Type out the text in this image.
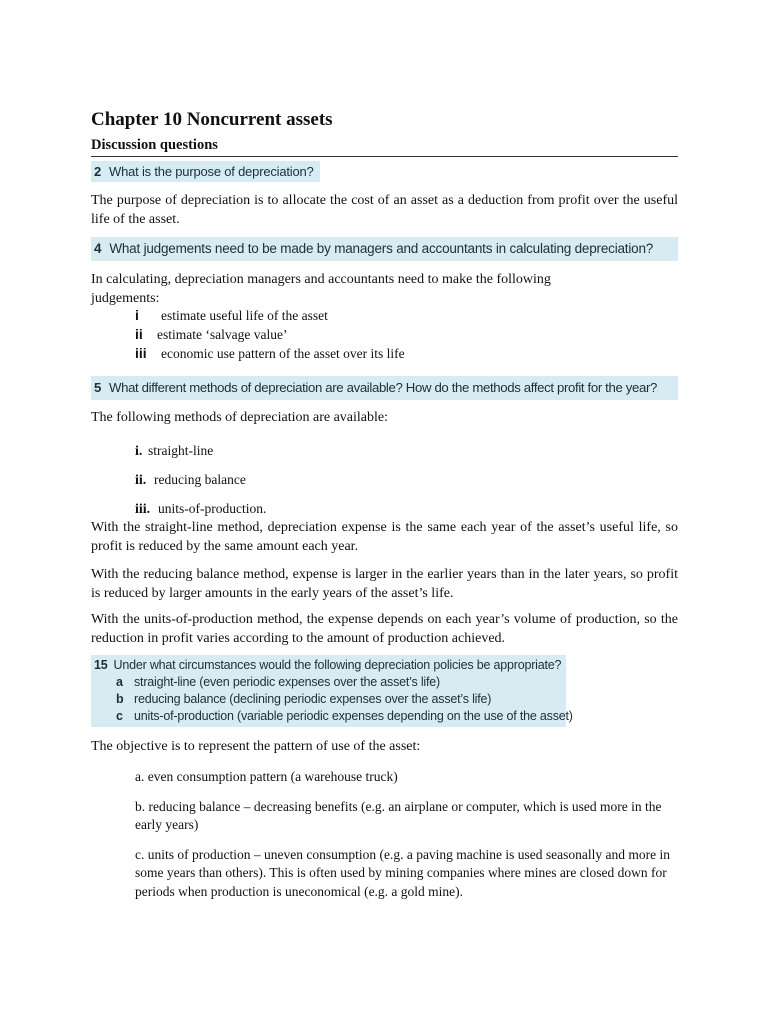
Chapter 10 Noncurrent assets
Discussion questions
2 What is the purpose of depreciation?
The purpose of depreciation is to allocate the cost of an asset as a deduction from profit over the useful life of the asset.
4 What judgements need to be made by managers and accountants in calculating depreciation?
In calculating, depreciation managers and accountants need to make the following
judgements:
i estimate useful life of the asset
ii estimate ‘salvage value’
iii economic use pattern of the asset over its life
5 What different methods of depreciation are available? How do the methods affect profit for the year?
The following methods of depreciation are available:
i. straight-line
ii. reducing balance
iii. units-of-production.
With the straight-line method, depreciation expense is the same each year of the asset’s useful life, so profit is reduced by the same amount each year.
With the reducing balance method, expense is larger in the earlier years than in the later years, so profit is reduced by larger amounts in the early years of the asset’s life.
With the units-of-production method, the expense depends on each year’s volume of production, so the reduction in profit varies according to the amount of production achieved.
15 Under what circumstances would the following depreciation policies be appropriate?
a straight-line (even periodic expenses over the asset’s life)
b reducing balance (declining periodic expenses over the asset’s life)
c units-of-production (variable periodic expenses depending on the use of the asset)
The objective is to represent the pattern of use of the asset:
a. even consumption pattern (a warehouse truck)
b. reducing balance – decreasing benefits (e.g. an airplane or computer, which is used more in the early years)
c. units of production – uneven consumption (e.g. a paving machine is used seasonally and more in some years than others). This is often used by mining companies where mines are closed down for periods when production is uneconomical (e.g. a gold mine).
